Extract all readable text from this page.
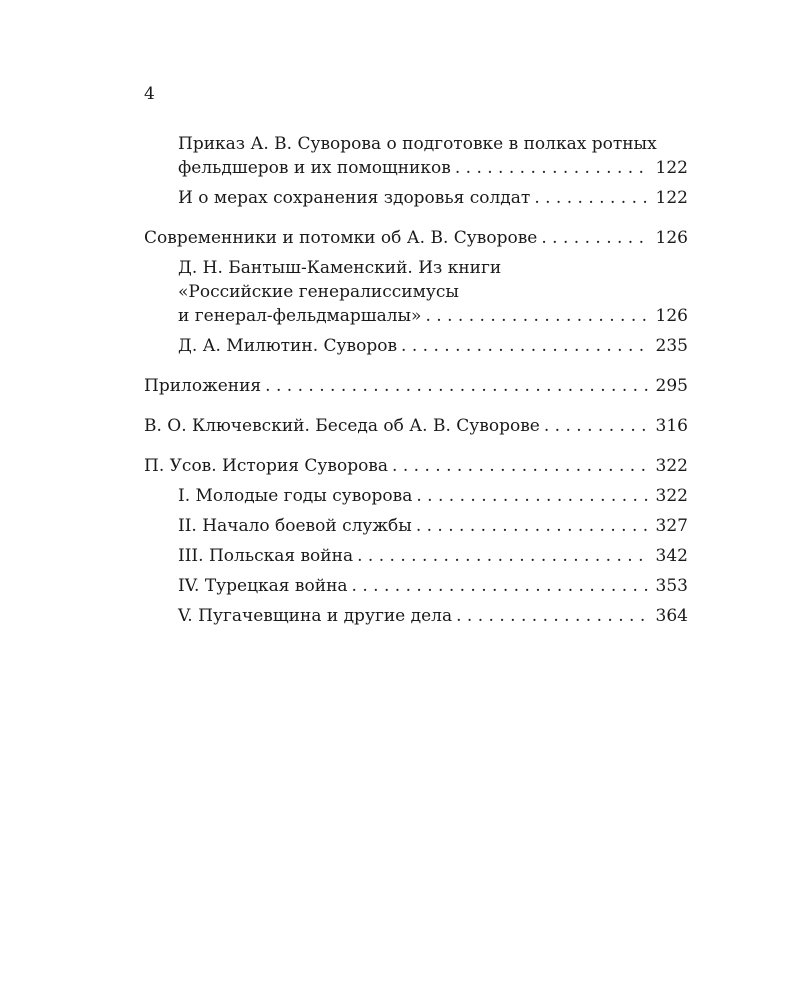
4
Приказ А. В. Суворова о подготовке в полках ротных
фельдшеров и их помощников . . .	122
И о мерах сохранения здоровья солдат . . .	122
Современники и потомки об А. В. Суворове . . .	126
Д. Н. Бантыш-Каменский. Из книги
«Российские генералиссимусы
и генерал-фельдмаршалы» . . .	126
Д. А. Милютин. Суворов . . .	235
Приложения . . .	295
В. О. Ключевский. Беседа об А. В. Суворове . . .	316
П. Усов. История Суворова . . .	322
I. Молодые годы суворова . . .	322
II. Начало боевой службы . . .	327
III. Польская война . . .	342
IV. Турецкая война . . .	353
V. Пугачевщина и другие дела . . .	364
